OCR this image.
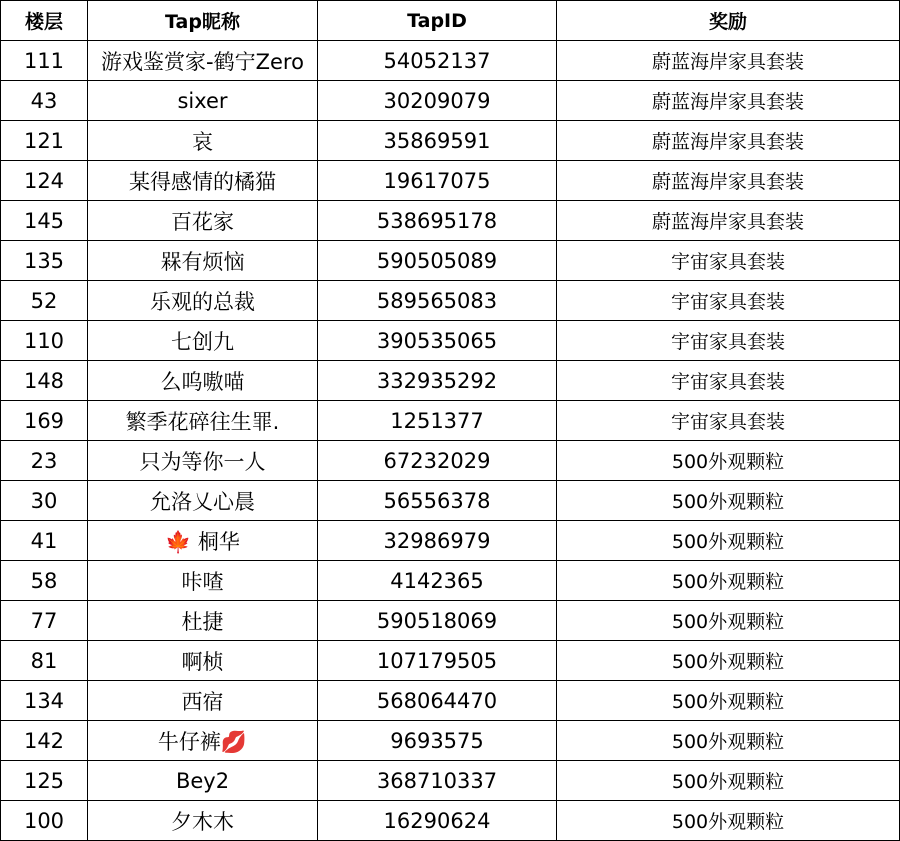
楼层	Tap昵称	TapID	奖励
111	游戏鉴赏家-鹤宁Zero	54052137	蔚蓝海岸家具套装
43	sixer	30209079	蔚蓝海岸家具套装
121	哀	35869591	蔚蓝海岸家具套装
124	某得感情的橘猫	19617075	蔚蓝海岸家具套装
145	百花家	538695178	蔚蓝海岸家具套装
135	槑有烦恼	590505089	宇宙家具套装
52	乐观的总裁	589565083	宇宙家具套装
110	七创九	390535065	宇宙家具套装
148	么呜嗷喵	332935292	宇宙家具套装
169	繁季花碎往生罪.	1251377	宇宙家具套装
23	只为等你一人	67232029	500外观颗粒
30	允洛乂心晨	56556378	500外观颗粒
41	🍁 桐华	32986979	500外观颗粒
58	咔喳	4142365	500外观颗粒
77	杜捷	590518069	500外观颗粒
81	啊桢	107179505	500外观颗粒
134	西宿	568064470	500外观颗粒
142	牛仔裤💋	9693575	500外观颗粒
125	Bey2	368710337	500外观颗粒
100	夕木木	16290624	500外观颗粒
